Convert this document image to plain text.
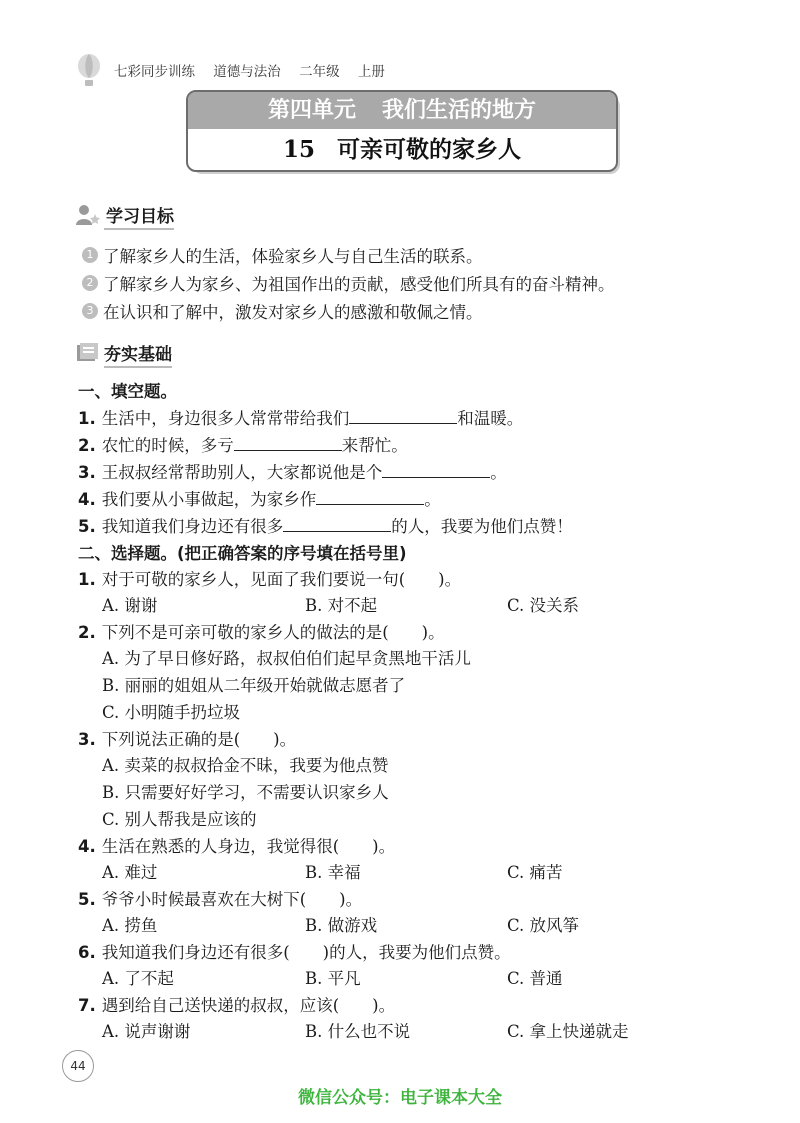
七彩同步训练 道德与法治 二年级 上册
第四单元 我们生活的地方
15 可亲可敬的家乡人
学习目标
1 了解家乡人的生活，体验家乡人与自己生活的联系。
2 了解家乡人为家乡、为祖国作出的贡献，感受他们所具有的奋斗精神。
3 在认识和了解中，激发对家乡人的感激和敬佩之情。
夯实基础
一、填空题。
1. 生活中，身边很多人常常带给我们	和温暖。
2. 农忙的时候，多亏	来帮忙。
3. 王叔叔经常帮助别人，大家都说他是个	。
4. 我们要从小事做起，为家乡作	。
5. 我知道我们身边还有很多	的人，我要为他们点赞！
二、选择题。(把正确答案的序号填在括号里)
1. 对于可敬的家乡人，见面了我们要说一句(　　)。
A. 谢谢	B. 对不起	C. 没关系
2. 下列不是可亲可敬的家乡人的做法的是(　　)。
A. 为了早日修好路，叔叔伯伯们起早贪黑地干活儿
B. 丽丽的姐姐从二年级开始就做志愿者了
C. 小明随手扔垃圾
3. 下列说法正确的是(　　)。
A. 卖菜的叔叔拾金不昧，我要为他点赞
B. 只需要好好学习，不需要认识家乡人
C. 别人帮我是应该的
4. 生活在熟悉的人身边，我觉得很(　　)。
A. 难过	B. 幸福	C. 痛苦
5. 爷爷小时候最喜欢在大树下(　　)。
A. 捞鱼	B. 做游戏	C. 放风筝
6. 我知道我们身边还有很多(　　)的人，我要为他们点赞。
A. 了不起	B. 平凡	C. 普通
7. 遇到给自己送快递的叔叔，应该(　　)。
A. 说声谢谢	B. 什么也不说	C. 拿上快递就走
44
微信公众号：电子课本大全
